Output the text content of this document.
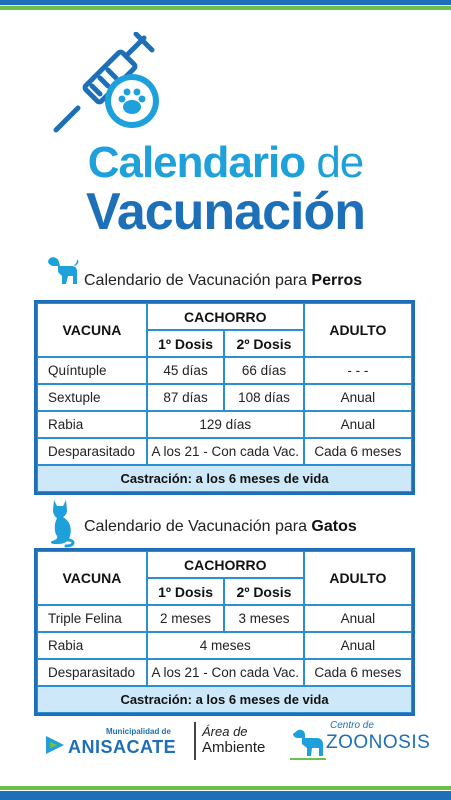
Calendario de
Vacunación
Calendario de Vacunación para Perros
VACUNA	CACHORRO		ADULTO
	1º Dosis	2º Dosis	
Quíntuple	45 días	66 días	- - -
Sextuple	87 días	108 días	Anual
Rabia	129 días		Anual
Desparasitado	A los 21 - Con cada Vac.		Cada 6 meses
Castración: a los 6 meses de vida			
Calendario de Vacunación para Gatos
VACUNA	CACHORRO		ADULTO
	1º Dosis	2º Dosis	
Triple Felina	2 meses	3 meses	Anual
Rabia	4 meses		Anual
Desparasitado	A los 21 - Con cada Vac.		Cada 6 meses
Castración: a los 6 meses de vida			
Municipalidad de
ANISACATE
Área de
Ambiente
Centro de
ZOONOSIS
